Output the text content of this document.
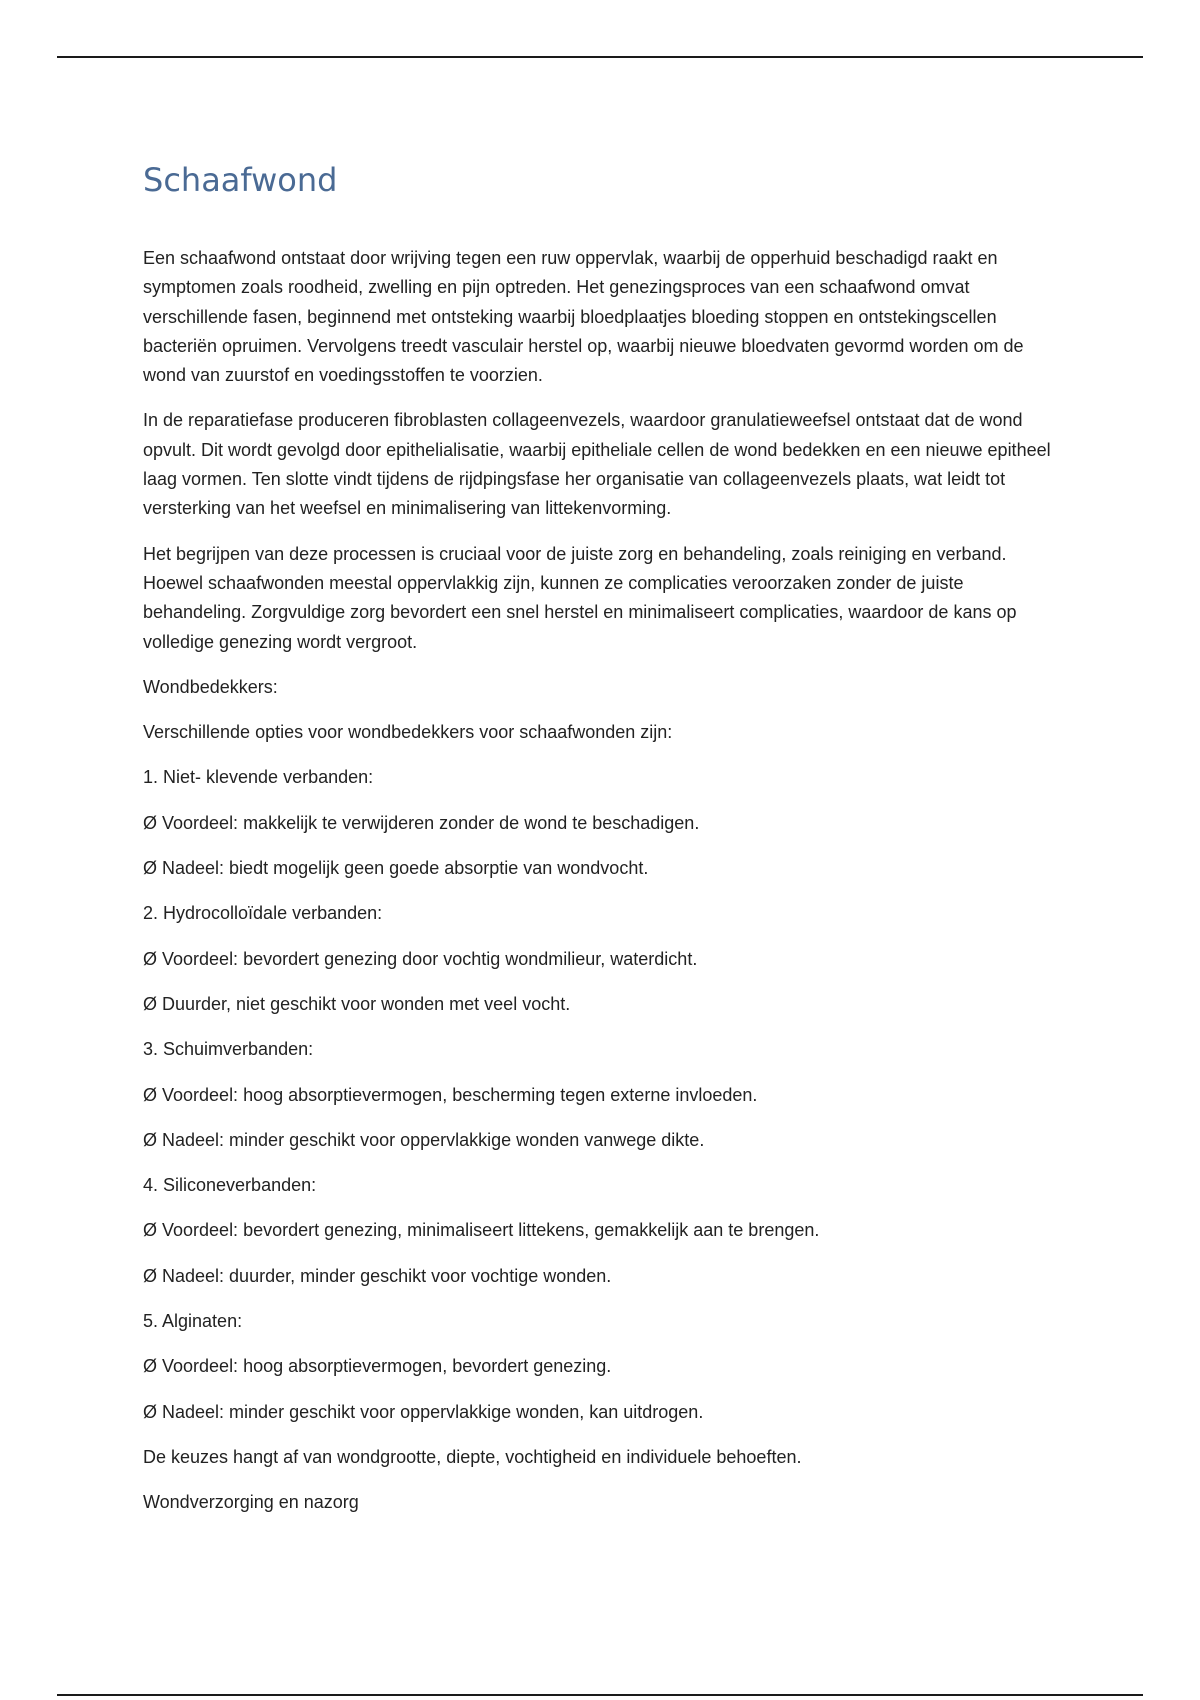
Schaafwond

Een schaafwond ontstaat door wrijving tegen een ruw oppervlak, waarbij de opperhuid beschadigd raakt en symptomen zoals roodheid, zwelling en pijn optreden. Het genezingsproces van een schaafwond omvat verschillende fasen, beginnend met ontsteking waarbij bloedplaatjes bloeding stoppen en ontstekingscellen bacteriën opruimen. Vervolgens treedt vasculair herstel op, waarbij nieuwe bloedvaten gevormd worden om de wond van zuurstof en voedingsstoffen te voorzien.

In de reparatiefase produceren fibroblasten collageenvezels, waardoor granulatieweefsel ontstaat dat de wond opvult. Dit wordt gevolgd door epithelialisatie, waarbij epitheliale cellen de wond bedekken en een nieuwe epitheel laag vormen. Ten slotte vindt tijdens de rijdpingsfase her organisatie van collageenvezels plaats, wat leidt tot versterking van het weefsel en minimalisering van littekenvorming.

Het begrijpen van deze processen is cruciaal voor de juiste zorg en behandeling, zoals reiniging en verband. Hoewel schaafwonden meestal oppervlakkig zijn, kunnen ze complicaties veroorzaken zonder de juiste behandeling. Zorgvuldige zorg bevordert een snel herstel en minimaliseert complicaties, waardoor de kans op volledige genezing wordt vergroot.

Wondbedekkers:

Verschillende opties voor wondbedekkers voor schaafwonden zijn:

1. Niet- klevende verbanden:

Ø Voordeel: makkelijk te verwijderen zonder de wond te beschadigen.

Ø Nadeel: biedt mogelijk geen goede absorptie van wondvocht.

2. Hydrocolloïdale verbanden:

Ø Voordeel: bevordert genezing door vochtig wondmilieur, waterdicht.

Ø Duurder, niet geschikt voor wonden met veel vocht.

3. Schuimverbanden:

Ø Voordeel: hoog absorptievermogen, bescherming tegen externe invloeden.

Ø Nadeel: minder geschikt voor oppervlakkige wonden vanwege dikte.

4. Siliconeverbanden:

Ø Voordeel: bevordert genezing, minimaliseert littekens, gemakkelijk aan te brengen.

Ø Nadeel: duurder, minder geschikt voor vochtige wonden.

5. Alginaten:

Ø Voordeel: hoog absorptievermogen, bevordert genezing.

Ø Nadeel: minder geschikt voor oppervlakkige wonden, kan uitdrogen.

De keuzes hangt af van wondgrootte, diepte, vochtigheid en individuele behoeften.

Wondverzorging en nazorg
